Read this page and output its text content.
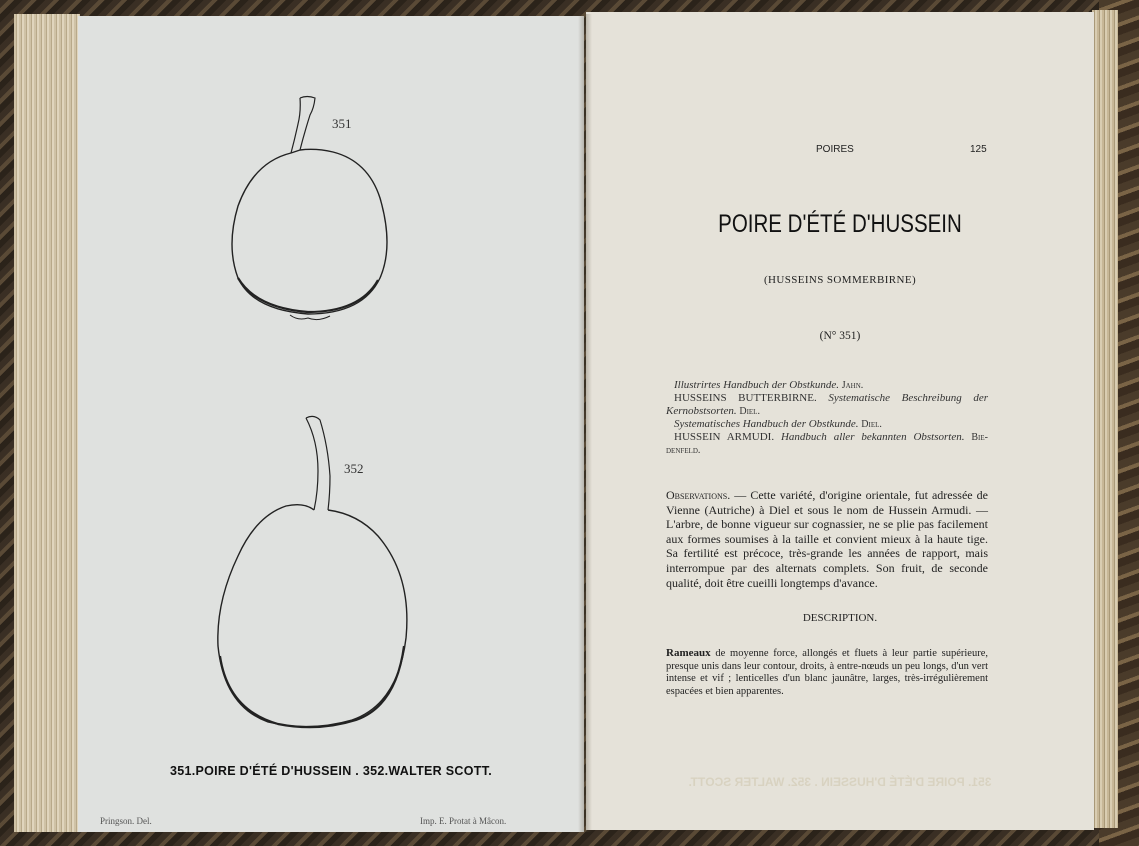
351
352
351.POIRE D'ÉTÉ D'HUSSEIN . 352.WALTER SCOTT.
Pringson. Del.	Imp. E. Protat à Mâcon.
POIRES	125
POIRE D'ÉTÉ D'HUSSEIN
(HUSSEINS SOMMERBIRNE)
(N° 351)

Illustrirtes Handbuch der Obstkunde. Jahn.

HUSSEINS BUTTERBIRNE. Systematische Beschreibung der Kernobstsorten. Diel.

Systematisches Handbuch der Obstkunde. Diel.

HUSSEIN ARMUDI. Handbuch aller bekannten Obstsorten. Bie-denfeld.

Observations. — Cette variété, d'origine orientale, fut adressée de Vienne (Autriche) à Diel et sous le nom de Hussein Armudi. — L'arbre, de bonne vigueur sur cognassier, ne se plie pas facilement aux formes soumises à la taille et convient mieux à la haute tige. Sa fertilité est précoce, très-grande les années de rapport, mais interrompue par des alternats complets. Son fruit, de seconde qualité, doit être cueilli longtemps d'avance.
DESCRIPTION.
Rameaux de moyenne force, allongés et fluets à leur partie supérieure, presque unis dans leur contour, droits, à entre-nœuds un peu longs, d'un vert intense et vif ; lenticelles d'un blanc jaunâtre, larges, très-irrégulièrement espacées et bien apparentes.
351. POIRE D'ÉTÉ D'HUSSEIN . 352. WALTER SCOTT.
